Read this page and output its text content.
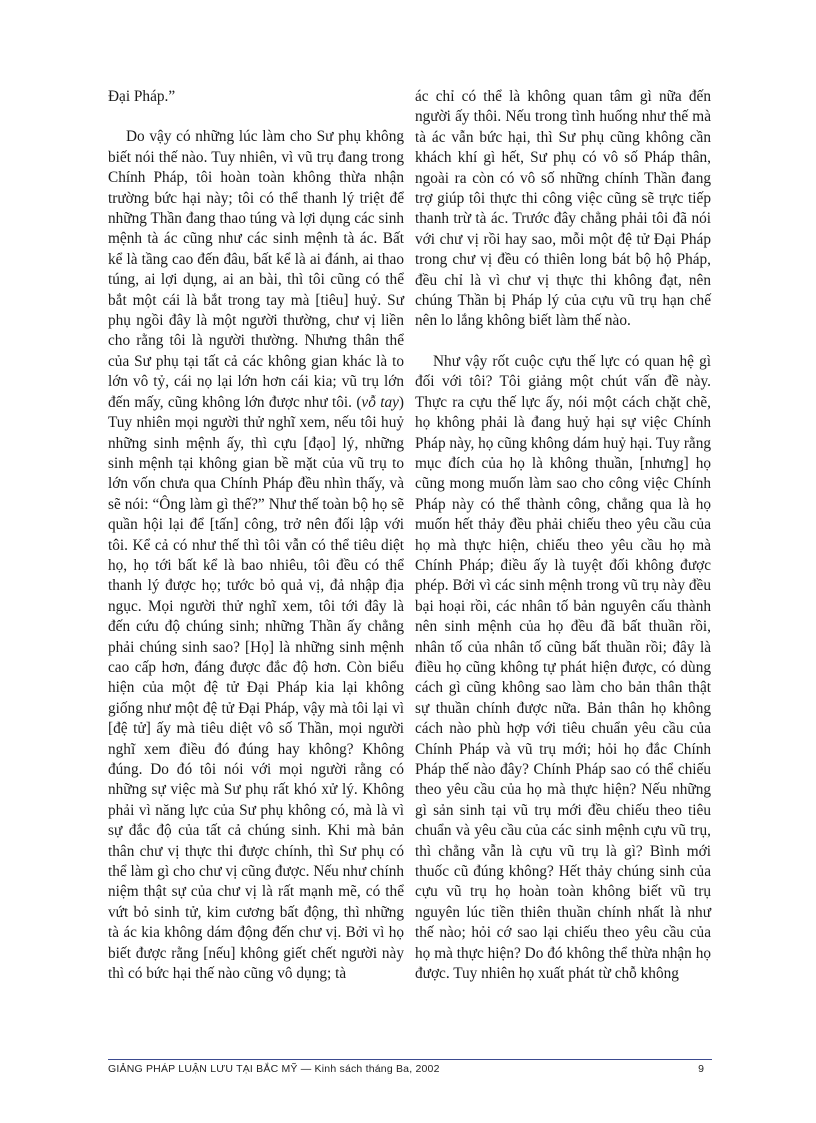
Đại Pháp.”

Do vậy có những lúc làm cho Sư phụ không biết nói thế nào. Tuy nhiên, vì vũ trụ đang trong Chính Pháp, tôi hoàn toàn không thừa nhận trường bức hại này; tôi có thể thanh lý triệt để những Thần đang thao túng và lợi dụng các sinh mệnh tà ác cũng như các sinh mệnh tà ác. Bất kể là tầng cao đến đâu, bất kể là ai đánh, ai thao túng, ai lợi dụng, ai an bài, thì tôi cũng có thể bắt một cái là bắt trong tay mà [tiêu] huỷ. Sư phụ ngồi đây là một người thường, chư vị liền cho rằng tôi là người thường. Nhưng thân thể của Sư phụ tại tất cả các không gian khác là to lớn vô tỷ, cái nọ lại lớn hơn cái kia; vũ trụ lớn đến mấy, cũng không lớn được như tôi. (vỗ tay) Tuy nhiên mọi người thử nghĩ xem, nếu tôi huỷ những sinh mệnh ấy, thì cựu [đạo] lý, những sinh mệnh tại không gian bề mặt của vũ trụ to lớn vốn chưa qua Chính Pháp đều nhìn thấy, và sẽ nói: “Ông làm gì thế?” Như thế toàn bộ họ sẽ quần hội lại để [tấn] công, trở nên đối lập với tôi. Kể cả có như thế thì tôi vẫn có thể tiêu diệt họ, họ tới bất kể là bao nhiêu, tôi đều có thể thanh lý được họ; tước bỏ quả vị, đả nhập địa ngục. Mọi người thử nghĩ xem, tôi tới đây là đến cứu độ chúng sinh; những Thần ấy chẳng phải chúng sinh sao? [Họ] là những sinh mệnh cao cấp hơn, đáng được đắc độ hơn. Còn biểu hiện của một đệ tử Đại Pháp kia lại không giống như một đệ tử Đại Pháp, vậy mà tôi lại vì [đệ tử] ấy mà tiêu diệt vô số Thần, mọi người nghĩ xem điều đó đúng hay không? Không đúng. Do đó tôi nói với mọi người rằng có những sự việc mà Sư phụ rất khó xử lý. Không phải vì năng lực của Sư phụ không có, mà là vì sự đắc độ của tất cả chúng sinh. Khi mà bản thân chư vị thực thi được chính, thì Sư phụ có thể làm gì cho chư vị cũng được. Nếu như chính niệm thật sự của chư vị là rất mạnh mẽ, có thể vứt bỏ sinh tử, kim cương bất động, thì những tà ác kia không dám động đến chư vị. Bởi vì họ biết được rằng [nếu] không giết chết người này thì có bức hại thế nào cũng vô dụng; tà

ác chỉ có thể là không quan tâm gì nữa đến người ấy thôi. Nếu trong tình huống như thế mà tà ác vẫn bức hại, thì Sư phụ cũng không cần khách khí gì hết, Sư phụ có vô số Pháp thân, ngoài ra còn có vô số những chính Thần đang trợ giúp tôi thực thi công việc cũng sẽ trực tiếp thanh trừ tà ác. Trước đây chẳng phải tôi đã nói với chư vị rồi hay sao, mỗi một đệ tử Đại Pháp trong chư vị đều có thiên long bát bộ hộ Pháp, đều chỉ là vì chư vị thực thi không đạt, nên chúng Thần bị Pháp lý của cựu vũ trụ hạn chế nên lo lắng không biết làm thế nào.

Như vậy rốt cuộc cựu thế lực có quan hệ gì đối với tôi? Tôi giảng một chút vấn đề này. Thực ra cựu thế lực ấy, nói một cách chặt chẽ, họ không phải là đang huỷ hại sự việc Chính Pháp này, họ cũng không dám huỷ hại. Tuy rằng mục đích của họ là không thuần, [nhưng] họ cũng mong muốn làm sao cho công việc Chính Pháp này có thể thành công, chẳng qua là họ muốn hết thảy đều phải chiếu theo yêu cầu của họ mà thực hiện, chiếu theo yêu cầu họ mà Chính Pháp; điều ấy là tuyệt đối không được phép. Bởi vì các sinh mệnh trong vũ trụ này đều bại hoại rồi, các nhân tố bản nguyên cấu thành nên sinh mệnh của họ đều đã bất thuần rồi, nhân tố của nhân tố cũng bất thuần rồi; đây là điều họ cũng không tự phát hiện được, có dùng cách gì cũng không sao làm cho bản thân thật sự thuần chính được nữa. Bản thân họ không cách nào phù hợp với tiêu chuẩn yêu cầu của Chính Pháp và vũ trụ mới; hỏi họ đắc Chính Pháp thế nào đây? Chính Pháp sao có thể chiếu theo yêu cầu của họ mà thực hiện? Nếu những gì sản sinh tại vũ trụ mới đều chiếu theo tiêu chuẩn và yêu cầu của các sinh mệnh cựu vũ trụ, thì chẳng vẫn là cựu vũ trụ là gì? Bình mới thuốc cũ đúng không? Hết thảy chúng sinh của cựu vũ trụ họ hoàn toàn không biết vũ trụ nguyên lúc tiền thiên thuần chính nhất là như thế nào; hỏi cớ sao lại chiếu theo yêu cầu của họ mà thực hiện? Do đó không thể thừa nhận họ được. Tuy nhiên họ xuất phát từ chỗ không

GIẢNG PHÁP LUẬN LƯU TẠI BẮC MỸ — Kinh sách tháng Ba, 2002	9
